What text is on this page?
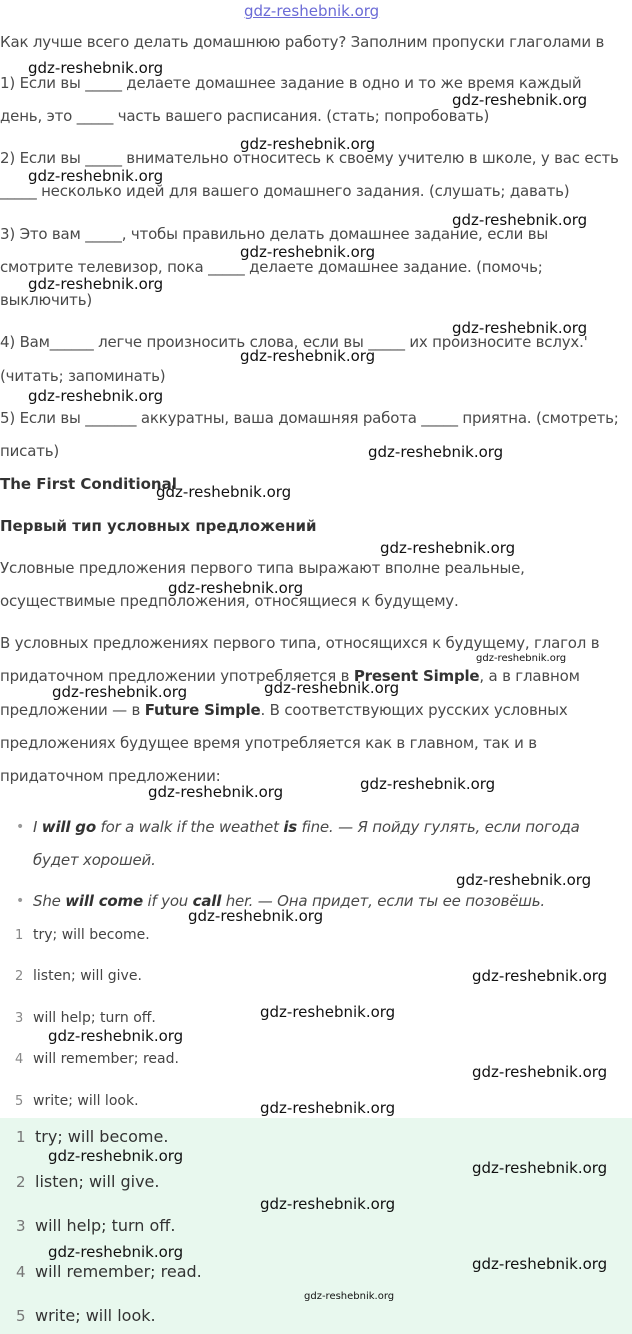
gdz-reshebnik.org
Как лучше всего делать домашнюю работу? Заполним пропуски глаголами в
1) Если вы _____ делаете домашнее задание в одно и то же время каждый
день, это _____ часть вашего расписания. (стать; попробовать)
2) Если вы _____ внимательно относитесь к своему учителю в школе, у вас есть
_____ несколько идей для вашего домашнего задания. (слушать; давать)
3) Это вам _____, чтобы правильно делать домашнее задание, если вы
смотрите телевизор, пока _____ делаете домашнее задание. (помочь;
выключить)
4) Вам______ легче произносить слова, если вы _____ их произносите вслух.'
(читать; запоминать)
5) Если вы _______ аккуратны, ваша домашняя работа _____ приятна. (смотреть;
писать)
The First Conditional
Первый тип условных предложений
Условные предложения первого типа выражают вполне реальные,
осуществимые предположения, относящиеся к будущему.
В условных предложениях первого типа, относящихся к будущему, глагол в
придаточном предложении употребляется в Present Simple, а в главном
предложении — в Future Simple. В соответствующих русских условных
предложениях будущее время употребляется как в главном, так и в
придаточном предложении:
• I will go for a walk if the weathet is fine. — Я пойду гулять, если погода
будет хорошей.
• She will come if you call her. — Она придет, если ты ее позовёшь.
1 try; will become.
2 listen; will give.
3 will help; turn off.
4 will remember; read.
5 write; will look.
1 try; will become.
2 listen; will give.
3 will help; turn off.
4 will remember; read.
5 write; will look.
gdz-reshebnik.org
gdz-reshebnik.org
gdz-reshebnik.org
gdz-reshebnik.org
gdz-reshebnik.org
gdz-reshebnik.org
gdz-reshebnik.org
gdz-reshebnik.org
gdz-reshebnik.org
gdz-reshebnik.org
gdz-reshebnik.org
gdz-reshebnik.org
gdz-reshebnik.org
gdz-reshebnik.org
gdz-reshebnik.org
gdz-reshebnik.org	gdz-reshebnik.org
gdz-reshebnik.org
gdz-reshebnik.org
gdz-reshebnik.org
gdz-reshebnik.org
gdz-reshebnik.org
gdz-reshebnik.org
gdz-reshebnik.org
gdz-reshebnik.org
gdz-reshebnik.org
gdz-reshebnik.org
gdz-reshebnik.org
gdz-reshebnik.org
gdz-reshebnik.org
gdz-reshebnik.org
gdz-reshebnik.org
